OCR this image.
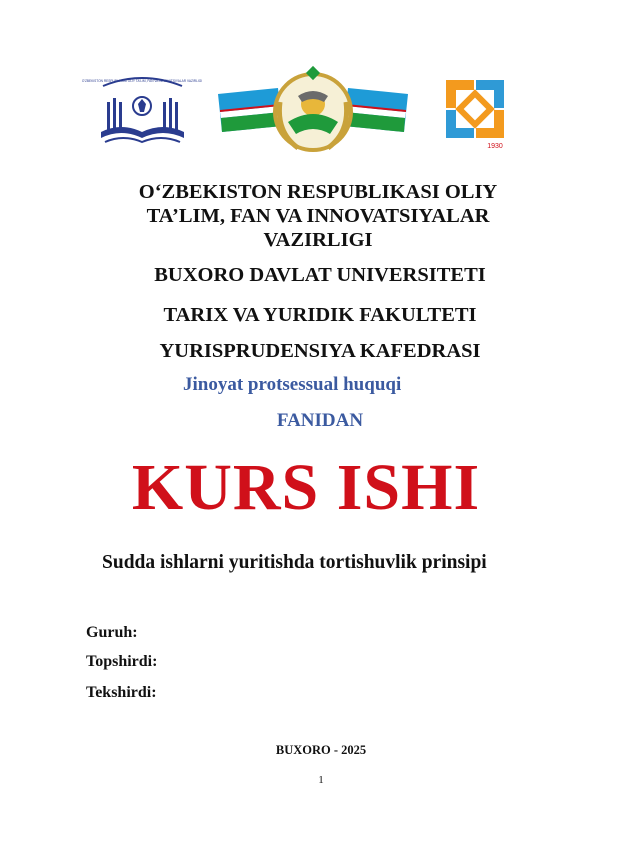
O'ZBEKISTON RESPUBLIKASI OLIY TA'LIM, FAN VA INNOVATSIYALAR VAZIRLIGI
1930
O‘ZBEKISTON RESPUBLIKASI OLIY
TA’LIM, FAN VA INNOVATSIYALAR
VAZIRLIGI
BUXORO DAVLAT UNIVERSITETI
TARIX VA YURIDIK FAKULTETI
YURISPRUDENSIYA KAFEDRASI
Jinoyat protsessual huquqi
FANIDAN
KURS ISHI
Sudda ishlarni yuritishda tortishuvlik prinsipi
Guruh:
Topshirdi:
Tekshirdi:
BUXORO - 2025
1
